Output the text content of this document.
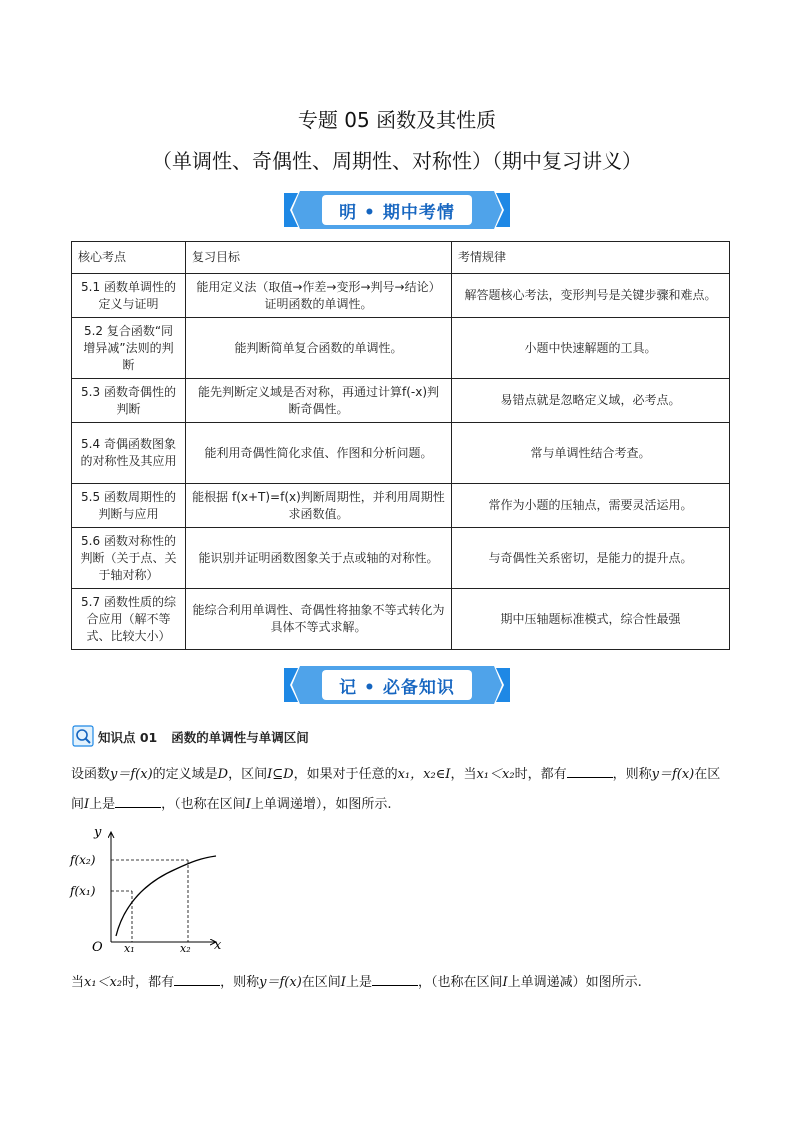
专题 05 函数及其性质
（单调性、奇偶性、周期性、对称性）（期中复习讲义）
明 • 期中考情
核心考点	复习目标	考情规律
5.1 函数单调性的定义与证明	能用定义法（取值→作差→变形→判号→结论）证明函数的单调性。	解答题核心考法，变形判号是关键步骤和难点。
5.2 复合函数“同增异减”法则的判断	能判断简单复合函数的单调性。	小题中快速解题的工具。
5.3 函数奇偶性的判断	能先判断定义域是否对称，再通过计算f(-x)判断奇偶性。	易错点就是忽略定义域，必考点。
5.4 奇偶函数图象的对称性及其应用	能利用奇偶性简化求值、作图和分析问题。	常与单调性结合考查。
5.5 函数周期性的判断与应用	能根据 f(x+T)=f(x)判断周期性，并利用周期性求函数值。	常作为小题的压轴点，需要灵活运用。
5.6 函数对称性的判断（关于点、关于轴对称）	能识别并证明函数图象关于点或轴的对称性。	与奇偶性关系密切，是能力的提升点。
5.7 函数性质的综合应用（解不等式、比较大小）	能综合利用单调性、奇偶性将抽象不等式转化为具体不等式求解。	期中压轴题标准模式，综合性最强
记 • 必备知识
知识点 01 函数的单调性与单调区间
设函数y＝f(x)的定义域是D，区间I⊆D，如果对于任意的x₁，x₂∈I，当x₁＜x₂时，都有	，则称y＝f(x)在区间I上是	，（也称在区间I上单调递增），如图所示.
y
x
O
f(x₂)
f(x₁)
x₁	x₂
当x₁＜x₂时，都有	，则称y＝f(x)在区间I上是	，（也称在区间I上单调递减）如图所示.
